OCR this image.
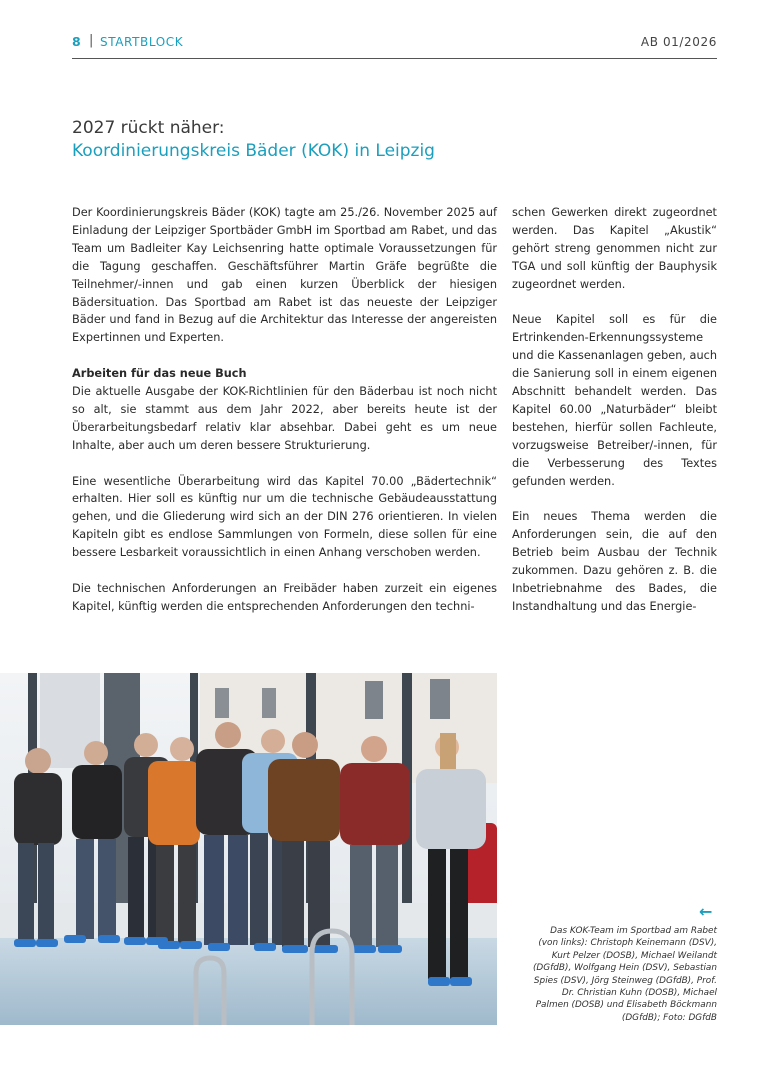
8 | STARTBLOCK	AB 01/2026
2027 rückt näher:
Koordinierungskreis Bäder (KOK) in Leipzig

Der Koordinierungskreis Bäder (KOK) tagte am 25./26. November 2025 auf Einladung der Leipziger Sportbäder GmbH im Sportbad am Rabet, und das Team um Badleiter Kay Leichsenring hatte optimale Voraussetzungen für die Tagung geschaffen. Geschäftsführer Martin Gräfe begrüßte die Teilnehmer/-innen und gab einen kurzen Überblick der hiesigen Bädersituation. Das Sportbad am Rabet ist das neueste der Leipziger Bäder und fand in Bezug auf die Architektur das Interesse der angereisten Expertinnen und Experten.

Arbeiten für das neue Buch

Die aktuelle Ausgabe der KOK-Richtlinien für den Bäderbau ist noch nicht so alt, sie stammt aus dem Jahr 2022, aber bereits heute ist der Überarbeitungsbedarf relativ klar absehbar. Dabei geht es um neue Inhalte, aber auch um deren bessere Strukturierung.

Eine wesentliche Überarbeitung wird das Kapitel 70.00 „Bädertechnik“ erhalten. Hier soll es künftig nur um die technische Gebäudeausstattung gehen, und die Gliederung wird sich an der DIN 276 orientieren. In vielen Kapiteln gibt es endlose Sammlungen von Formeln, diese sollen für eine bessere Lesbarkeit voraussichtlich in einen Anhang verschoben werden.

Die technischen Anforderungen an Freibäder haben zurzeit ein eigenes Kapitel, künftig werden die entsprechenden Anforderungen den techni-

schen Gewerken direkt zugeordnet werden. Das Kapitel „Akustik“ gehört streng genommen nicht zur TGA und soll künftig der Bauphysik zugeordnet werden.

Neue Kapitel soll es für die Ertrinkenden-Erkennungssysteme und die Kassenanlagen geben, auch die Sanierung soll in einem eigenen Abschnitt behandelt werden. Das Kapitel 60.00 „Naturbäder“ bleibt bestehen, hierfür sollen Fachleute, vorzugsweise Betreiber/-innen, für die Verbesserung des Textes gefunden werden.

Ein neues Thema werden die Anforderungen sein, die auf den Betrieb beim Ausbau der Technik zukommen. Dazu gehören z. B. die Inbetriebnahme des Bades, die Instandhaltung und das Energie-

←
Das KOK-Team im Sportbad am Rabet (von links): Christoph Keinemann (DSV), Kurt Pelzer (DOSB), Michael Weilandt (DGfdB), Wolfgang Hein (DSV), Sebastian Spies (DSV), Jörg Steinweg (DGfdB), Prof. Dr. Christian Kuhn (DOSB), Michael Palmen (DOSB) und Elisabeth Böckmann (DGfdB); Foto: DGfdB
